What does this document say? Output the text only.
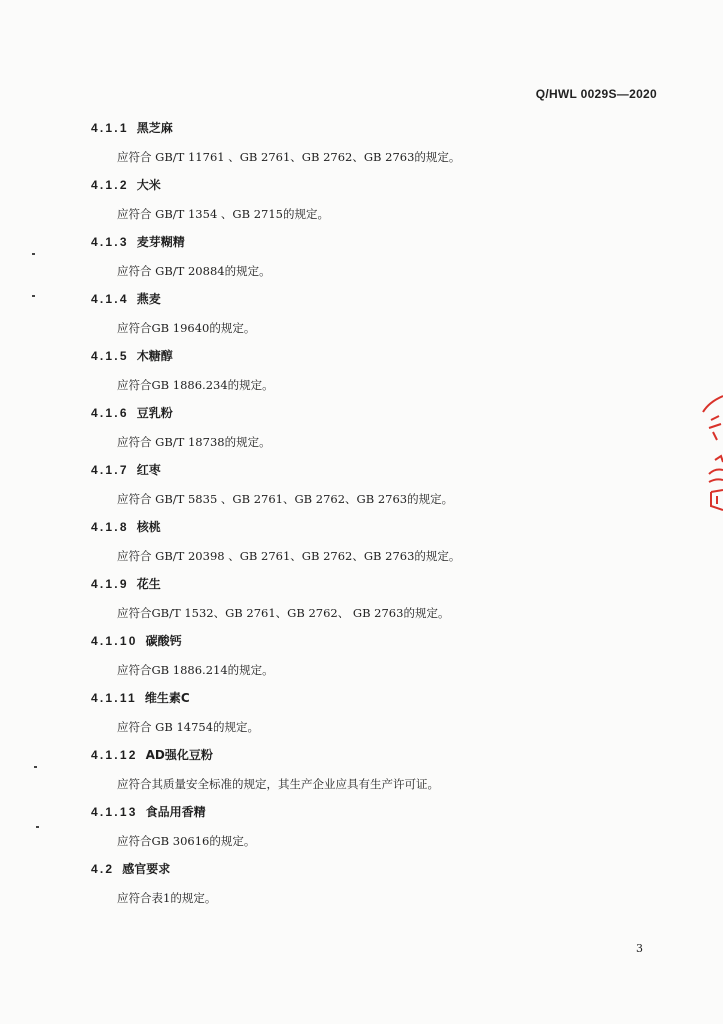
Q/HWL 0029S—2020
4.1.1 黑芝麻
应符合 GB/T 11761 、GB 2761、GB 2762、GB 2763的规定。
4.1.2 大米
应符合 GB/T 1354 、GB 2715的规定。
4.1.3 麦芽糊精
应符合 GB/T 20884的规定。
4.1.4 燕麦
应符合GB 19640的规定。
4.1.5 木糖醇
应符合GB 1886.234的规定。
4.1.6 豆乳粉
应符合 GB/T 18738的规定。
4.1.7 红枣
应符合 GB/T 5835 、GB 2761、GB 2762、GB 2763的规定。
4.1.8 核桃
应符合 GB/T 20398 、GB 2761、GB 2762、GB 2763的规定。
4.1.9 花生
应符合GB/T 1532、GB 2761、GB 2762、 GB 2763的规定。
4.1.10 碳酸钙
应符合GB 1886.214的规定。
4.1.11 维生素C
应符合 GB 14754的规定。
4.1.12 AD强化豆粉
应符合其质量安全标准的规定，其生产企业应具有生产许可证。
4.1.13 食品用香精
应符合GB 30616的规定。
4.2 感官要求
应符合表1的规定。
3
